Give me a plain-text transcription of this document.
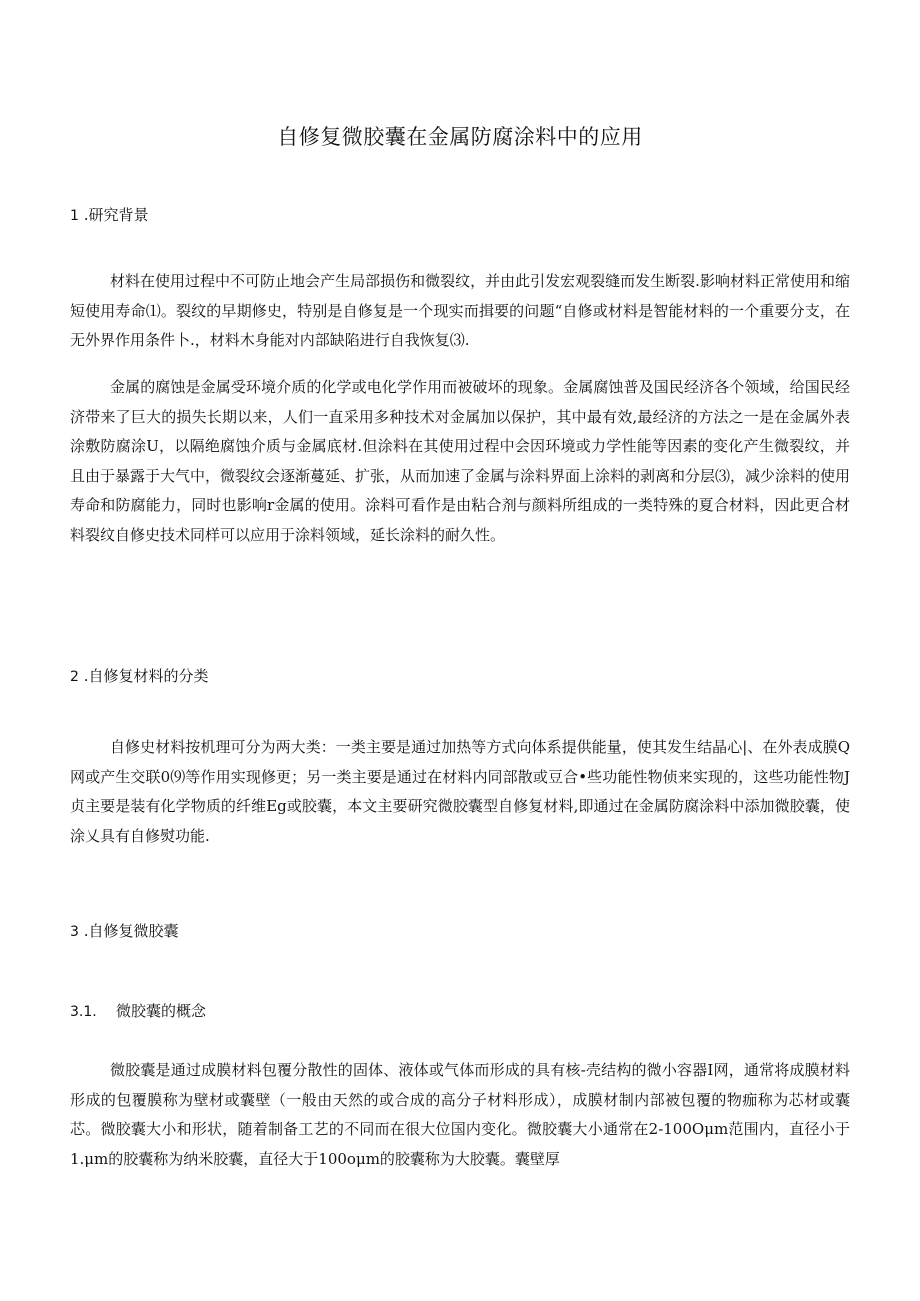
自修复微胶囊在金属防腐涂料中的应用
1 .研究背景

材料在使用过程中不可防止地会产生局部损伤和微裂纹，并由此引发宏观裂缝而发生断裂.影响材料正常使用和缩短使用寿命⑴。裂纹的早期修史，特别是自修复是一个现实而揖要的问题“自修或材料是智能材料的一个重要分支，在无外界作用条件卜.，材料木身能对内部缺陷进行自我恢复⑶.

金属的腐蚀是金属受环境介质的化学或电化学作用而被破坏的现象。金属腐蚀普及国民经济各个领域，给国民经济带来了巨大的损失长期以来，人们一直采用多种技术对金属加以保护，其中最有效,最经济的方法之一是在金属外表涂敷防腐涂U，以隔绝腐蚀介质与金属底材.但涂料在其使用过程中会因环境或力学性能等因素的变化产生微裂纹，并且由于暴露于大气中，微裂纹会逐渐蔓延、扩张，从而加速了金属与涂料界面上涂料的剥离和分层⑶，减少涂料的使用寿命和防腐能力，同时也影响r金属的使用。涂料可看作是由粘合剂与颜料所组成的一类特殊的夏合材料，因此更合材料裂纹自修史技术同样可以应用于涂料领域，延长涂料的耐久性。

2 .自修复材料的分类

自修史材料按机理可分为两大类：一类主要是通过加热等方式向体系提供能量，使其发生结晶心|、在外表成膜Q网或产生交联0⑼等作用实现修更；另一类主要是通过在材料内同部散或豆合•些功能性物侦来实现的，这些功能性物J贞主要是装有化学物质的纤维Eg或胶囊，本文主要研究微胶囊型自修复材料,即通过在金属防腐涂料中添加微胶囊，使涂乂具有自修熨功能.

3 .自修复微胶囊
3.1. 微胶囊的概念

微胶囊是通过成膜材料包覆分散性的固体、液体或气体而形成的具有核-壳结构的微小容器I网，通常将成膜材料形成的包覆膜称为壁材或囊壁（一般由天然的或合成的高分子材料形成），成膜材制内部被包覆的物痂称为芯材或囊芯。微胶囊大小和形状，随着制备工艺的不同而在很大位国内变化。微胶囊大小通常在2-100Oμm范围内，直径小于1.μm的胶囊称为纳米胶囊，直径大于100oμm的胶囊称为大胶囊。囊壁厚
